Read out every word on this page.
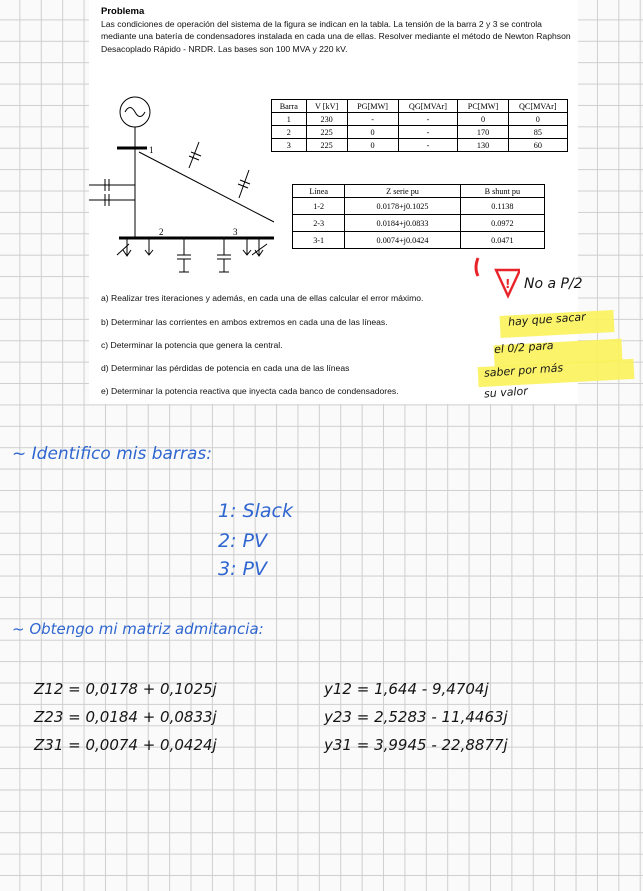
Problema
Las condiciones de operación del sistema de la figura se indican en la tabla. La tensión de la barra 2 y 3 se controla mediante una batería de condensadores instalada en cada una de ellas. Resolver mediante el método de Newton Raphson Desacoplado Rápido - NRDR. Las bases son 100 MVA y 220 kV.
1
2	3
Barra	V [kV]	PG[MW]	QG[MVAr]	PC[MW]	QC[MVAr]
1	230	-	-	0	0
2	225	0	-	170	85
3	225	0	-	130	60
Línea	Z serie pu	B shunt pu
1-2	0.0178+j0.1025	0.1138
2-3	0.0184+j0.0833	0.0972
3-1	0.0074+j0.0424	0.0471
a) Realizar tres iteraciones y además, en cada una de ellas calcular el error máximo.
b) Determinar las corrientes en ambos extremos en cada una de las líneas.
c) Determinar la potencia que genera la central.
d) Determinar las pérdidas de potencia en cada una de las líneas
e) Determinar la potencia reactiva que inyecta cada banco de condensadores.
! No a P/2
hay que sacar
el 0/2 para
saber por más
su valor
~ Identifico mis barras:
1: Slack
2: PV
3: PV
~ Obtengo mi matriz admitancia:
Z12 = 0,0178 + 0,1025j
Z23 = 0,0184 + 0,0833j
Z31 = 0,0074 + 0,0424j
y12 = 1,644 - 9,4704j
y23 = 2,5283 - 11,4463j
y31 = 3,9945 - 22,8877j
